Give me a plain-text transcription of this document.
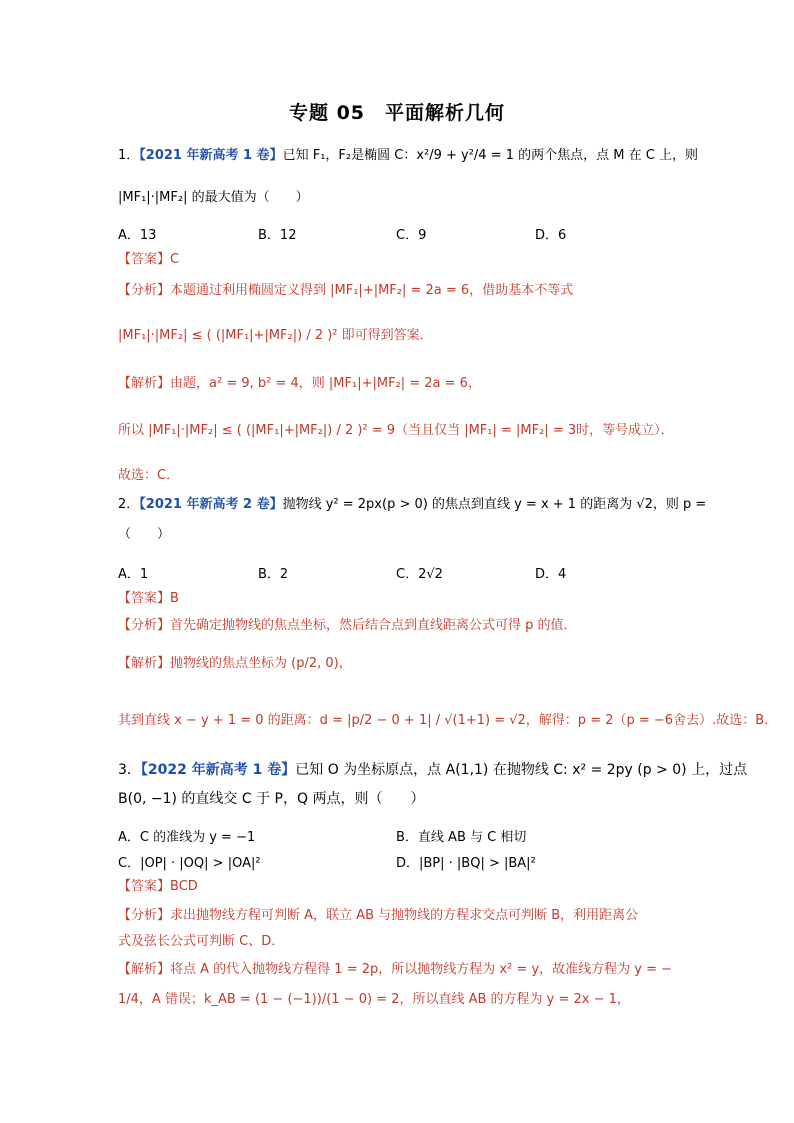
专题 05　平面解析几何
1．【2021 年新高考 1 卷】已知 F₁，F₂是椭圆 C：x²/9 + y²/4 = 1 的两个焦点，点 M 在 C 上，则
|MF₁|·|MF₂| 的最大值为（　　）
A．13	B．12	C．9	D．6
【答案】C
【分析】本题通过利用椭圆定义得到 |MF₁|+|MF₂| = 2a = 6，借助基本不等式
|MF₁|·|MF₂| ≤ ( (|MF₁|+|MF₂|) / 2 )² 即可得到答案．
【解析】由题，a² = 9, b² = 4，则 |MF₁|+|MF₂| = 2a = 6，
所以 |MF₁|·|MF₂| ≤ ( (|MF₁|+|MF₂|) / 2 )² = 9（当且仅当 |MF₁| = |MF₂| = 3时，等号成立）．
故选：C．
2．【2021 年新高考 2 卷】抛物线 y² = 2px(p > 0) 的焦点到直线 y = x + 1 的距离为 √2，则 p =
（　　）
A．1	B．2	C．2√2	D．4
【答案】B
【分析】首先确定抛物线的焦点坐标，然后结合点到直线距离公式可得 p 的值．
【解析】抛物线的焦点坐标为 (p/2, 0)，
其到直线 x − y + 1 = 0 的距离：d = |p/2 − 0 + 1| / √(1+1) = √2，解得：p = 2（p = −6舍去）.故选：B.
3．【2022 年新高考 1 卷】已知 O 为坐标原点，点 A(1,1) 在抛物线 C: x² = 2py (p > 0) 上，过点
B(0, −1) 的直线交 C 于 P，Q 两点，则（　　）
A．C 的准线为 y = −1	B．直线 AB 与 C 相切
C．|OP| · |OQ| > |OA|²	D．|BP| · |BQ| > |BA|²
【答案】BCD
【分析】求出抛物线方程可判断 A，联立 AB 与抛物线的方程求交点可判断 B，利用距离公
式及弦长公式可判断 C、D．
【解析】将点 A 的代入抛物线方程得 1 = 2p，所以抛物线方程为 x² = y，故准线方程为 y = −
1/4，A 错误；k_AB = (1 − (−1))/(1 − 0) = 2，所以直线 AB 的方程为 y = 2x − 1，
